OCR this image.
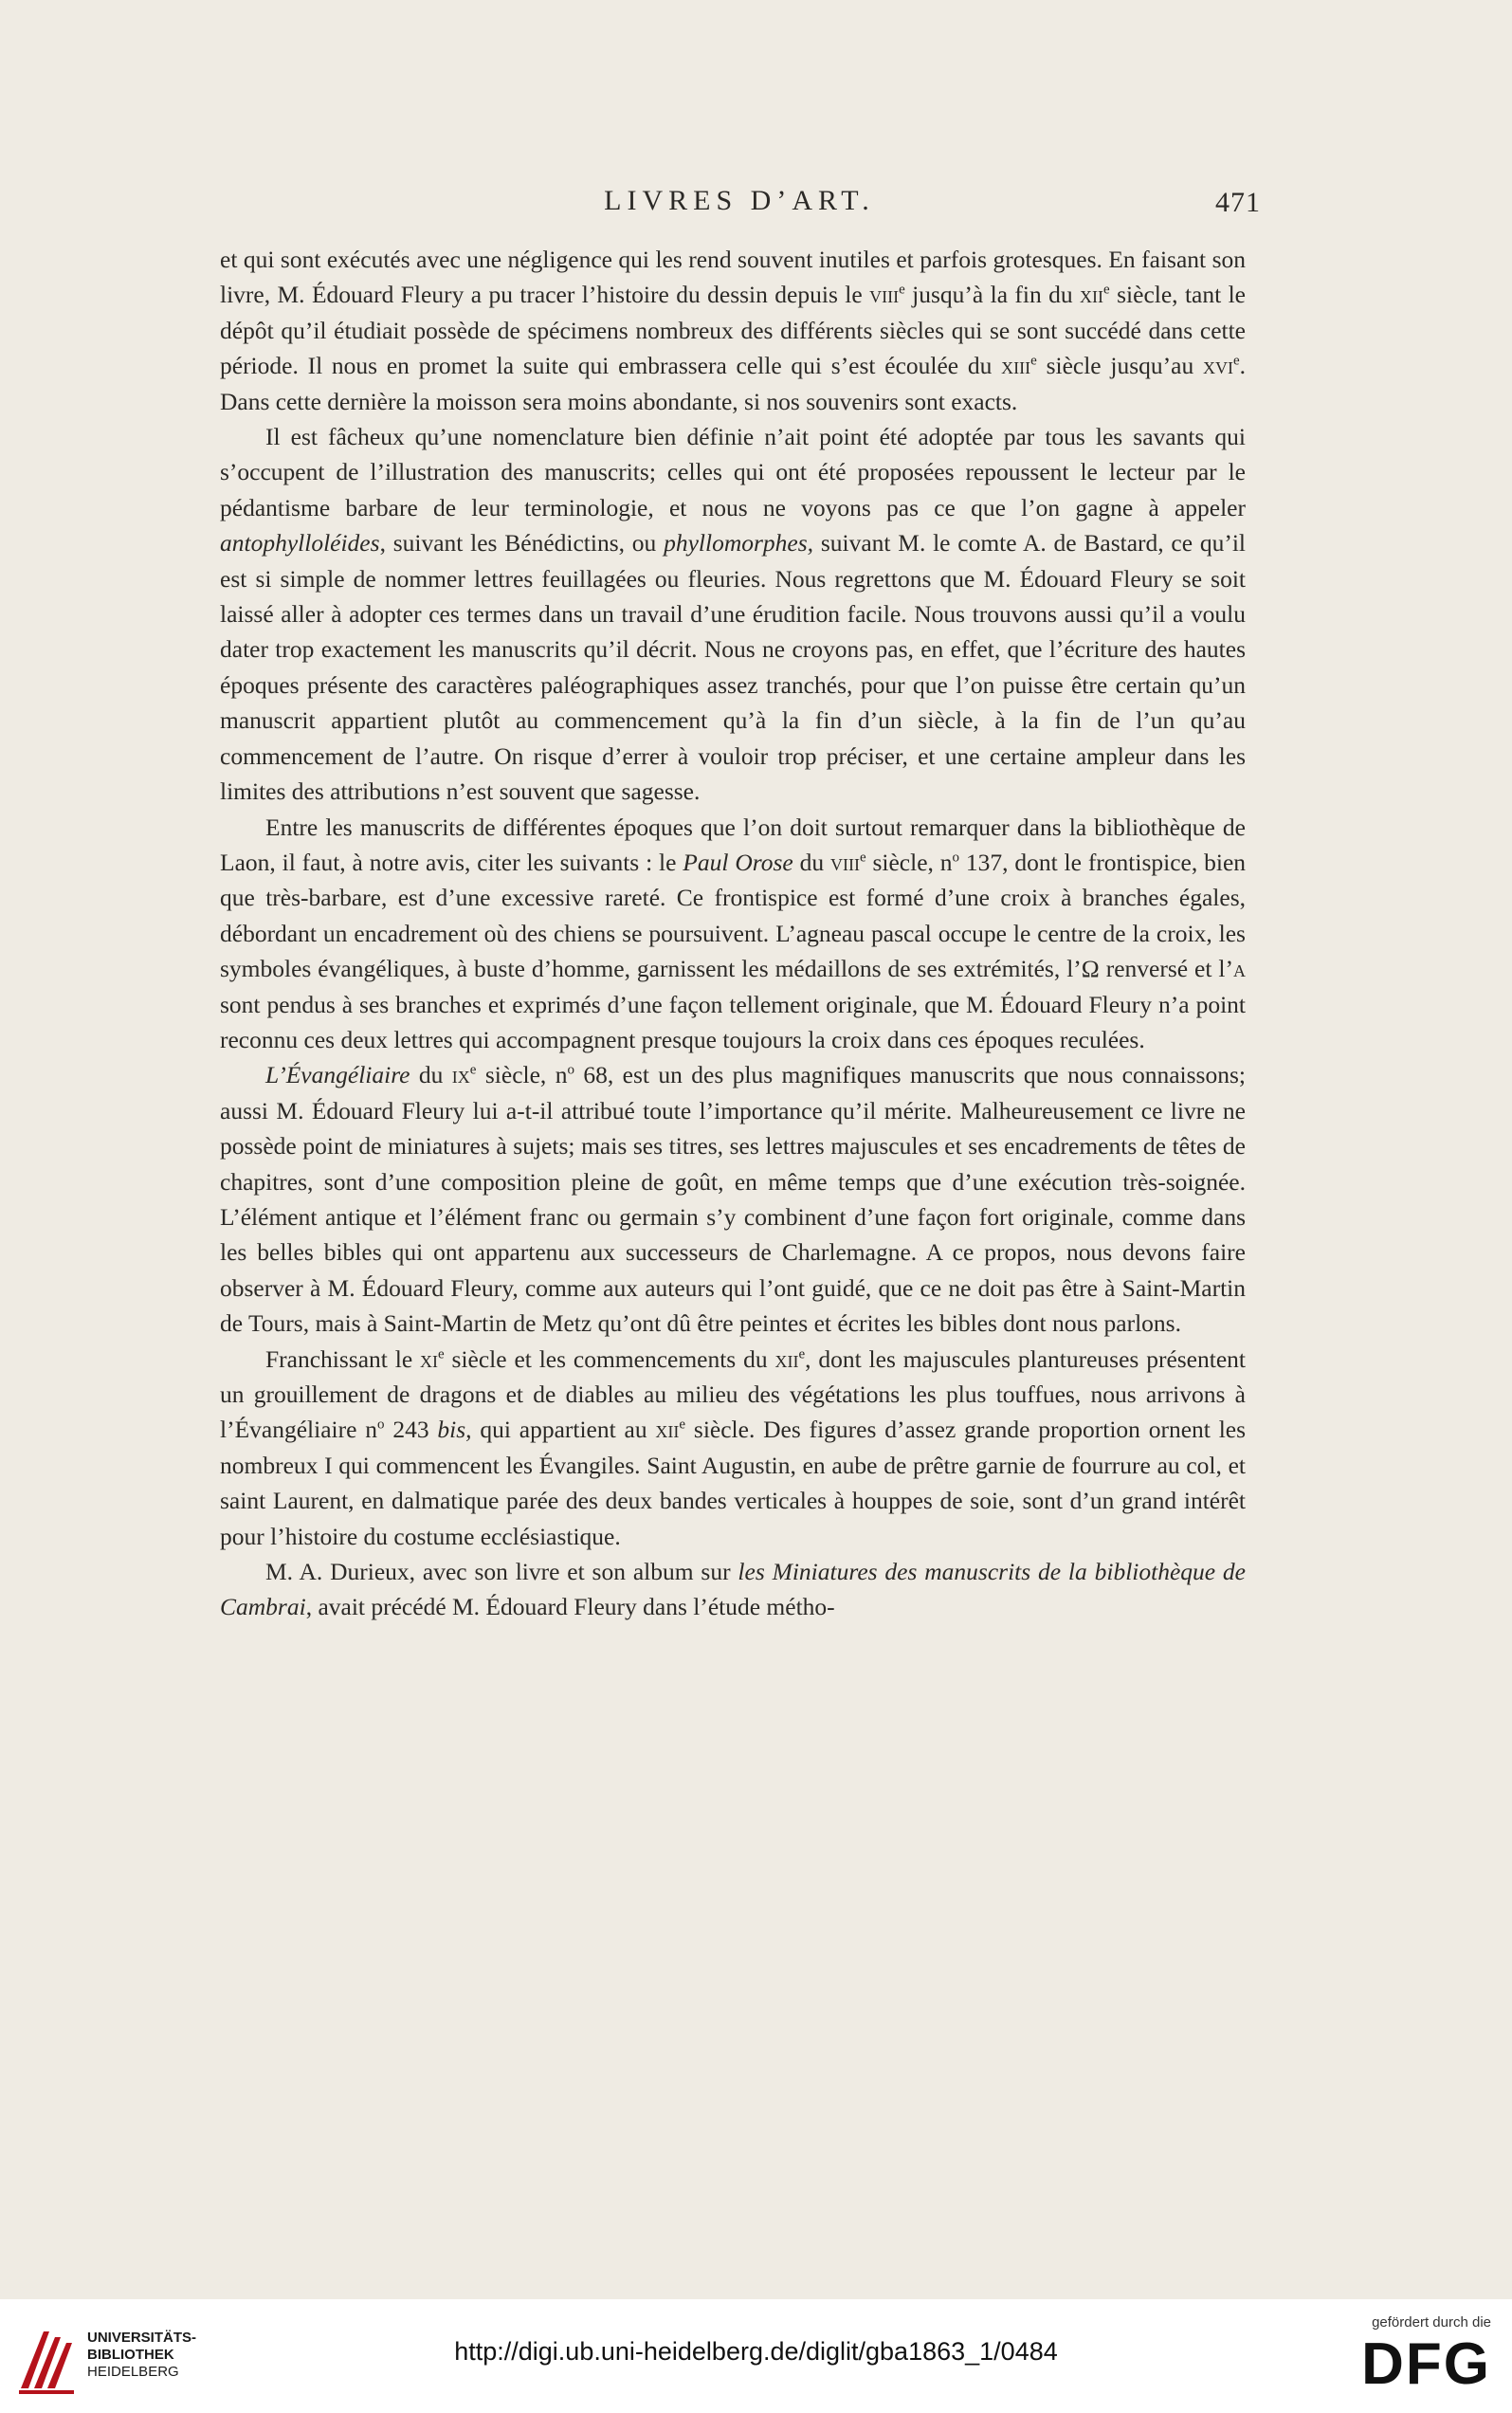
LIVRES D’ART.	471

et qui sont exécutés avec une négligence qui les rend souvent inutiles et parfois grotesques. En faisant son livre, M. Édouard Fleury a pu tracer l’histoire du dessin depuis le viii$^e$ jusqu’à la fin du xii$^e$ siècle, tant le dépôt qu’il étudiait possède de spécimens nombreux des différents siècles qui se sont succédé dans cette période. Il nous en promet la suite qui embrassera celle qui s’est écoulée du xiii$^e$ siècle jusqu’au xvi$^e$. Dans cette dernière la moisson sera moins abondante, si nos souvenirs sont exacts.

Il est fâcheux qu’une nomenclature bien définie n’ait point été adoptée par tous les savants qui s’occupent de l’illustration des manuscrits; celles qui ont été proposées repoussent le lecteur par le pédantisme barbare de leur terminologie, et nous ne voyons pas ce que l’on gagne à appeler antophylloléides, suivant les Bénédictins, ou phyllomorphes, suivant M. le comte A. de Bastard, ce qu’il est si simple de nommer lettres feuillagées ou fleuries. Nous regrettons que M. Édouard Fleury se soit laissé aller à adopter ces termes dans un travail d’une érudition facile. Nous trouvons aussi qu’il a voulu dater trop exactement les manuscrits qu’il décrit. Nous ne croyons pas, en effet, que l’écriture des hautes époques présente des caractères paléographiques assez tranchés, pour que l’on puisse être certain qu’un manuscrit appartient plutôt au commencement qu’à la fin d’un siècle, à la fin de l’un qu’au commencement de l’autre. On risque d’errer à vouloir trop préciser, et une certaine ampleur dans les limites des attributions n’est souvent que sagesse.

Entre les manuscrits de différentes époques que l’on doit surtout remarquer dans la bibliothèque de Laon, il faut, à notre avis, citer les suivants : le Paul Orose du viii$^e$ siècle, $n^o$ 137, dont le frontispice, bien que très-barbare, est d’une excessive rareté. Ce frontispice est formé d’une croix à branches égales, débordant un encadrement où des chiens se poursuivent. L’agneau pascal occupe le centre de la croix, les symboles évangéliques, à buste d’homme, garnissent les médaillons de ses extrémités, l’Ω renversé et l’a sont pendus à ses branches et exprimés d’une façon tellement originale, que M. Édouard Fleury n’a point reconnu ces deux lettres qui accompagnent presque toujours la croix dans ces époques reculées.

L’Évangéliaire du $ix^e$ siècle, $n^o$ 68, est un des plus magnifiques manuscrits que nous connaissons; aussi M. Édouard Fleury lui a-t-il attribué toute l’importance qu’il mérite. Malheureusement ce livre ne possède point de miniatures à sujets; mais ses titres, ses lettres majuscules et ses encadrements de têtes de chapitres, sont d’une composition pleine de goût, en même temps que d’une exécution très-soignée. L’élément antique et l’élément franc ou germain s’y combinent d’une façon fort originale, comme dans les belles bibles qui ont appartenu aux successeurs de Charlemagne. A ce propos, nous devons faire observer à M. Édouard Fleury, comme aux auteurs qui l’ont guidé, que ce ne doit pas être à Saint-Martin de Tours, mais à Saint-Martin de Metz qu’ont dû être peintes et écrites les bibles dont nous parlons.

Franchissant le $xi^e$ siècle et les commencements du xii$^e$, dont les majuscules plantureuses présentent un grouillement de dragons et de diables au milieu des végétations les plus touffues, nous arrivons à l’Évangéliaire $n^o$ 243 bis, qui appartient au xii$^e$ siècle. Des figures d’assez grande proportion ornent les nombreux I qui commencent les Évangiles. Saint Augustin, en aube de prêtre garnie de fourrure au col, et saint Laurent, en dalmatique parée des deux bandes verticales à houppes de soie, sont d’un grand intérêt pour l’histoire du costume ecclésiastique.

M. A. Durieux, avec son livre et son album sur les Miniatures des manuscrits de la bibliothèque de Cambrai, avait précédé M. Édouard Fleury dans l’étude métho-

UNIVERSITÄTS-
BIBLIOTHEK
HEIDELBERG
http://digi.ub.uni-heidelberg.de/diglit/gba1863_1/0484
gefördert durch die
DFG
